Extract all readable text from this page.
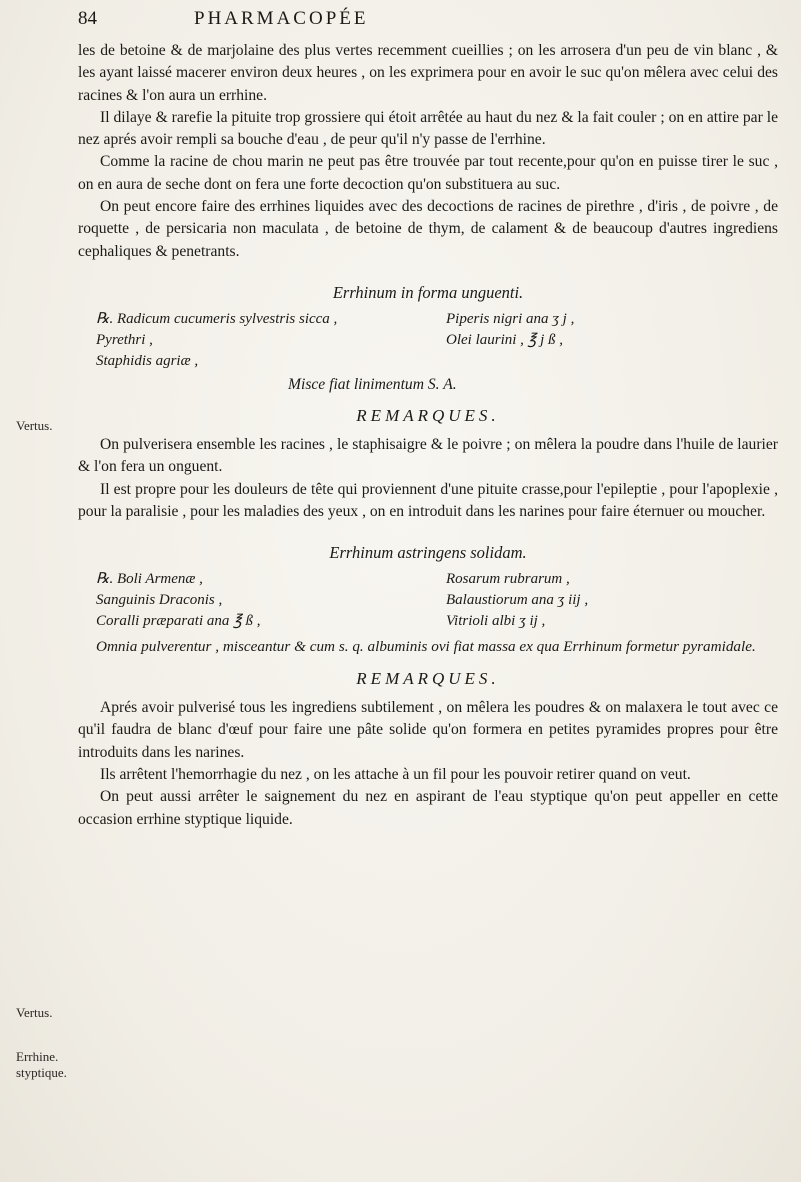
Vertus.
Vertus.
Errhine. styptique.
84	PHARMACOPÉE

les de betoine & de marjolaine des plus vertes recemment cueillies ; on les arrosera d'un peu de vin blanc , & les ayant laissé macerer environ deux heures , on les exprimera pour en avoir le suc qu'on mêlera avec celui des racines & l'on aura un errhine.

Il dilaye & rarefie la pituite trop grossiere qui étoit arrêtée au haut du nez & la fait couler ; on en attire par le nez aprés avoir rempli sa bouche d'eau , de peur qu'il n'y passe de l'errhine.

Comme la racine de chou marin ne peut pas être trouvée par tout recente,pour qu'on en puisse tirer le suc , on en aura de seche dont on fera une forte decoction qu'on substituera au suc.

On peut encore faire des errhines liquides avec des decoctions de racines de pirethre , d'iris , de poivre , de roquette , de persicaria non maculata , de betoine de thym, de calament & de beaucoup d'autres ingrediens cephaliques & penetrants.

Errhinum in forma unguenti.
℞. Radicum cucumeris sylvestris sicca ,	Piperis nigri ana ʒ j ,
Pyrethri ,	Olei laurini , ℥ j ß ,
Staphidis agriæ ,
Misce fiat linimentum S. A.
REMARQUES.

On pulverisera ensemble les racines , le staphisaigre & le poivre ; on mêlera la poudre dans l'huile de laurier & l'on fera un onguent.

Il est propre pour les douleurs de tête qui proviennent d'une pituite crasse,pour l'epileptie , pour l'apoplexie , pour la paralisie , pour les maladies des yeux , on en introduit dans les narines pour faire éternuer ou moucher.

Errhinum astringens solidam.
℞. Boli Armenæ ,	Rosarum rubrarum ,
Sanguinis Draconis ,	Balaustiorum ana ʒ iij ,
Coralli præparati ana ℥ ß ,	Vitrioli albi ʒ ij ,
Omnia pulverentur , misceantur & cum s. q. albuminis ovi fiat massa ex qua Errhinum formetur pyramidale.
REMARQUES.

Aprés avoir pulverisé tous les ingrediens subtilement , on mêlera les poudres & on malaxera le tout avec ce qu'il faudra de blanc d'œuf pour faire une pâte solide qu'on formera en petites pyramides propres pour être introduits dans les narines.

Ils arrêtent l'hemorrhagie du nez , on les attache à un fil pour les pouvoir retirer quand on veut.

On peut aussi arrêter le saignement du nez en aspirant de l'eau styptique qu'on peut appeller en cette occasion errhine styptique liquide.
